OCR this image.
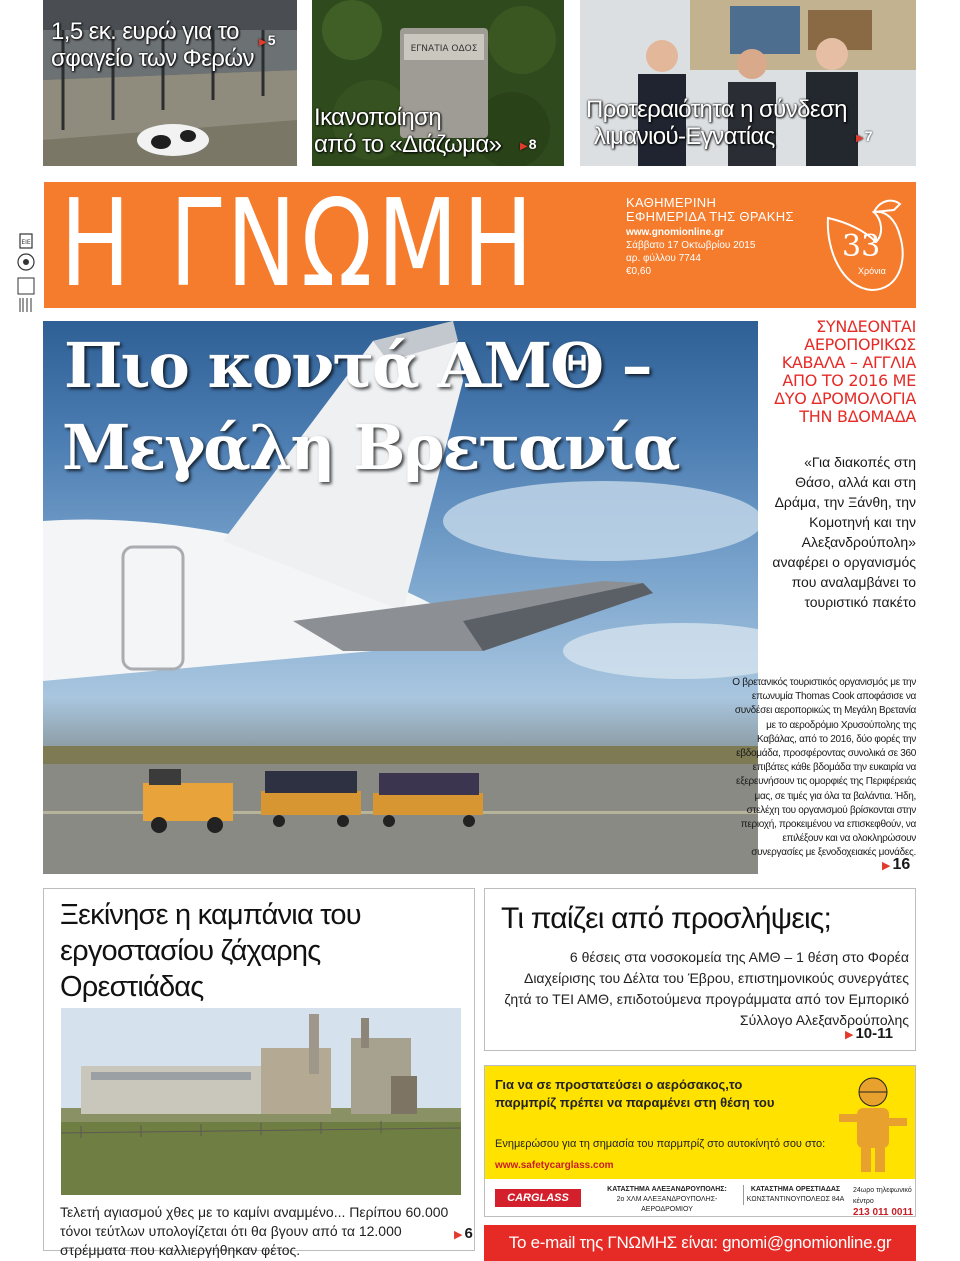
1,5 εκ. ευρώ για το
σφαγείο των Φερών
▶ 5
ΕΓΝΑΤΙΑ ΟΔΟΣ
Ικανοποίηση
από το «Διάζωμα»	▶ 8
Προτεραιότητα η σύνδεση
λιμανιού-Εγνατίας	▶ 7
ΕΙΕ Η ΓΝΩΜΗ	ΚΑΘΗΜΕΡΙΝΗ
ΕΦΗΜΕΡΙΔΑ ΤΗΣ ΘΡΑΚΗΣ
www.gnomionline.gr
Σάββατο 17 Οκτωβρίου 2015
αρ. φύλλου 7744
€0,60
33
Χρόνια
Πιο κοντά ΑΜΘ –
Μεγάλη Βρετανία
ΣΥΝΔΕΟΝΤΑΙ ΑΕΡΟΠΟΡΙΚΩΣ ΚΑΒΑΛΑ – ΑΓΓΛΙΑ ΑΠΟ ΤΟ 2016 ΜΕ ΔΥΟ ΔΡΟΜΟΛΟΓΙΑ ΤΗΝ ΒΔΟΜΑΔΑ
«Για διακοπές στη Θάσο, αλλά και στη Δράμα, την Ξάνθη, την Κομοτηνή και την Αλεξανδρούπολη» αναφέρει ο οργανισμός που αναλαμβάνει το τουριστικό πακέτο
Ο βρετανικός τουριστικός οργανισμός με την επωνυμία Thomas Cook αποφάσισε να συνδέσει αεροπορικώς τη Μεγάλη Βρετανία με το αεροδρόμιο Χρυσούπολης της Καβάλας, από το 2016, δύο φορές την εβδομάδα, προσφέροντας συνολικά σε 360 επιβάτες κάθε βδομάδα την ευκαιρία να εξερευνήσουν τις ομορφιές της Περιφέρειάς μας, σε τιμές για όλα τα βαλάντια. Ήδη, στελέχη του οργανισμού βρίσκονται στην περιοχή, προκειμένου να επισκεφθούν, να επιλέξουν και να ολοκληρώσουν συνεργασίες με ξενοδοχειακές μονάδες.
▶ 16
Ξεκίνησε η καμπάνια του εργοστασίου ζάχαρης Ορεστιάδας
Τελετή αγιασμού χθες με το καμίνι αναμμένο... Περίπου 60.000 τόνοι τεύτλων υπολογίζεται ότι θα βγουν από τα 12.000 στρέμματα που καλλιεργήθηκαν φέτος.
▶ 6
Τι παίζει από προσλήψεις;
6 θέσεις στα νοσοκομεία της ΑΜΘ – 1 θέση στο Φορέα Διαχείρισης του Δέλτα του Έβρου, επιστημονικούς συνεργάτες ζητά το ΤΕΙ ΑΜΘ, επιδοτούμενα προγράμματα από τον Εμπορικό Σύλλογο Αλεξανδρούπολης
▶ 10-11
Για να σε προστατεύσει ο αερόσακος,το παρμπρίζ πρέπει να παραμένει στη θέση του
Ενημερώσου για τη σημασία του παρμπρίζ στο αυτοκίνητό σου στο:
www.safetycarglass.com
CARGLASS
ΚΑΤΑΣΤΗΜΑ ΑΛΕΞΑΝΔΡΟΥΠΟΛΗΣ:
2ο ΧΛΜ ΑΛΕΞΑΝΔΡΟΥΠΟΛΗΣ-ΑΕΡΟΔΡΟΜΙΟΥ
ΚΑΤΑΣΤΗΜΑ ΟΡΕΣΤΙΑΔΑΣ
ΚΩΝΣΤΑΝΤΙΝΟΥΠΟΛΕΩΣ 84Α
24ωρο τηλεφωνικό κέντρο
213 011 0011
Το e-mail της ΓΝΩΜΗΣ είναι: gnomi@gnomionline.gr
